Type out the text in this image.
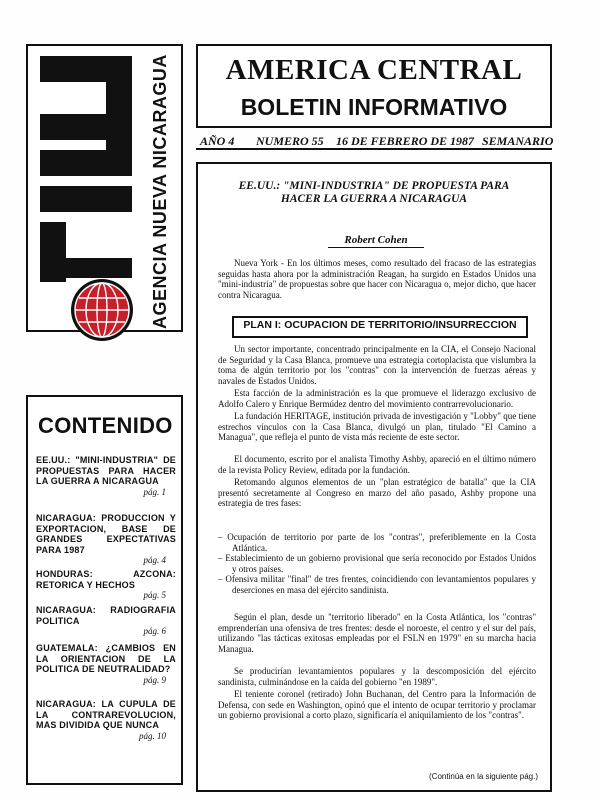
AGENCIA NUEVA NICARAGUA	AMERICA CENTRAL
BOLETIN INFORMATIVO
AÑO 4 NUMERO 55 16 DE FEBRERO DE 1987 SEMANARIO
CONTENIDO
EE.UU.: "MINI-INDUSTRIA" DE PROPUESTAS PARA HACER LA GUERRA A NICARAGUA
pág. 1
NICARAGUA: PRODUCCION Y EXPORTACION, BASE DE GRANDES EXPECTATIVAS PARA 1987
pág. 4
HONDURAS: AZCONA: RETORICA Y HECHOS
pág. 5
NICARAGUA: RADIOGRAFIA POLITICA
pág. 6
GUATEMALA: ¿CAMBIOS EN LA ORIENTACION DE LA POLITICA DE NEUTRALIDAD?
pág. 9
NICARAGUA: LA CUPULA DE LA CONTRAREVOLUCION, MAS DIVIDIDA QUE NUNCA
pág. 10
EE.UU.: "MINI-INDUSTRIA" DE PROPUESTA PARA HACER LA GUERRA A NICARAGUA
Robert Cohen
Nueva York - En los últimos meses, como resultado del fracaso de las estrategias seguidas hasta ahora por la administración Reagan, ha surgido en Estados Unidos una "mini-industria" de propuestas sobre que hacer con Nicaragua o, mejor dicho, que hacer contra Nicaragua.
PLAN I: OCUPACION DE TERRITORIO/INSURRECCION
Un sector importante, concentrado principalmente en la CIA, el Consejo Nacional de Seguridad y la Casa Blanca, promueve una estrategia cortoplacista que vislumbra la toma de algún territorio por los "contras" con la intervención de fuerzas aéreas y navales de Estados Unidos.
Esta facción de la administración es la que promueve el liderazgo exclusivo de Adolfo Calero y Enrique Bermúdez dentro del movimiento contrarrevolucionario.
La fundación HERITAGE, institución privada de investigación y "Lobby" que tiene estrechos vínculos con la Casa Blanca, divulgó un plan, titulado "El Camino a Managua", que refleja el punto de vista más reciente de este sector.
El documento, escrito por el analista Timothy Ashby, apareció en el último número de la revista Policy Review, editada por la fundación.
Retomando algunos elementos de un "plan estratégico de batalla" que la CIA presentó secretamente al Congreso en marzo del año pasado, Ashby propone una estrategia de tres fases:
– Ocupación de territorio por parte de los "contras", preferiblemente en la Costa Atlántica.
– Establecimiento de un gobierno provisional que sería reconocido por Estados Unidos y otros países.
– Ofensiva militar "final" de tres frentes, coincidiendo con levantamientos populares y deserciones en masa del ejército sandinista.
Según el plan, desde un "territorio liberado" en la Costa Atlántica, los "contras" emprenderían una ofensiva de tres frentes: desde el noroeste, el centro y el sur del país, utilizando "las tácticas exitosas empleadas por el FSLN en 1979" en su marcha hacia Managua.
Se producirían levantamientos populares y la descomposición del ejército sandinista, culminándose en la caída del gobierno "en 1989".
El teniente coronel (retirado) John Buchanan, del Centro para la Información de Defensa, con sede en Washington, opinó que el intento de ocupar territorio y proclamar un gobierno provisional a corto plazo, significaría el aniquilamiento de los "contras".
(Continúa en la siguiente pág.)
